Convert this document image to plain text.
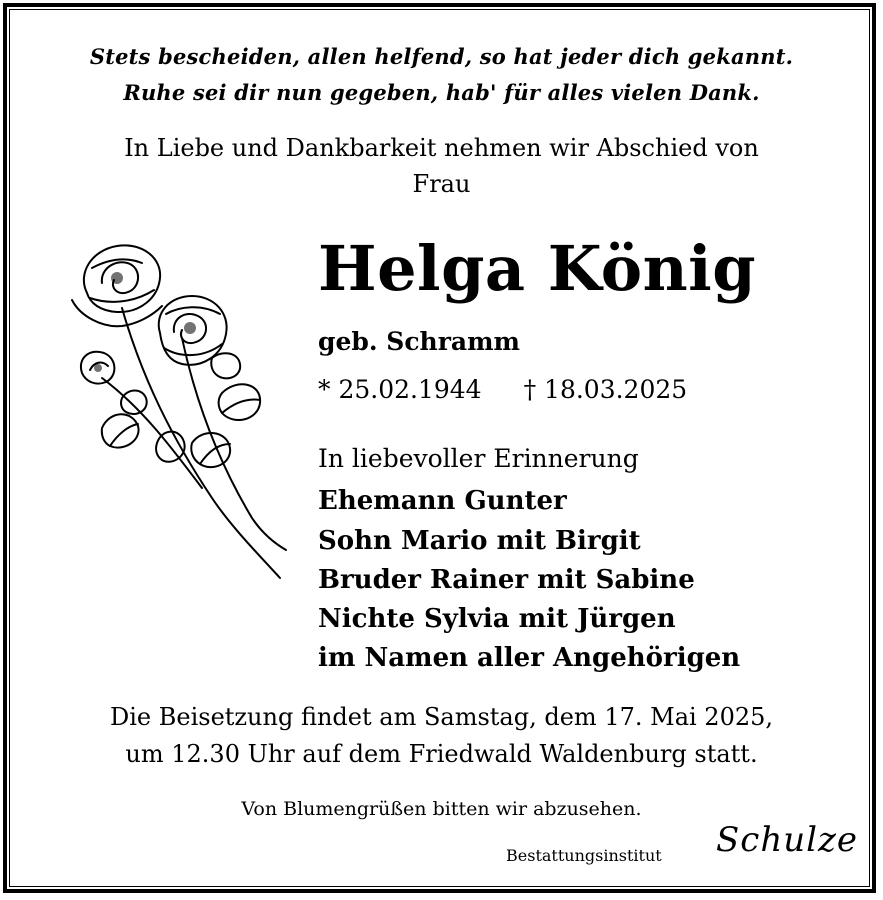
Stets bescheiden, allen helfend, so hat jeder dich gekannt.
Ruhe sei dir nun gegeben, hab' für alles vielen Dank.
In Liebe und Dankbarkeit nehmen wir Abschied von
Frau
Helga König
geb. Schramm
* 25.02.1944 † 18.03.2025
In liebevoller Erinnerung
Ehemann Gunter
Sohn Mario mit Birgit
Bruder Rainer mit Sabine
Nichte Sylvia mit Jürgen
im Namen aller Angehörigen
Die Beisetzung findet am Samstag, dem 17. Mai 2025,
um 12.30 Uhr auf dem Friedwald Waldenburg statt.
Von Blumengrüßen bitten wir abzusehen.
Bestattungsinstitut Schulze
